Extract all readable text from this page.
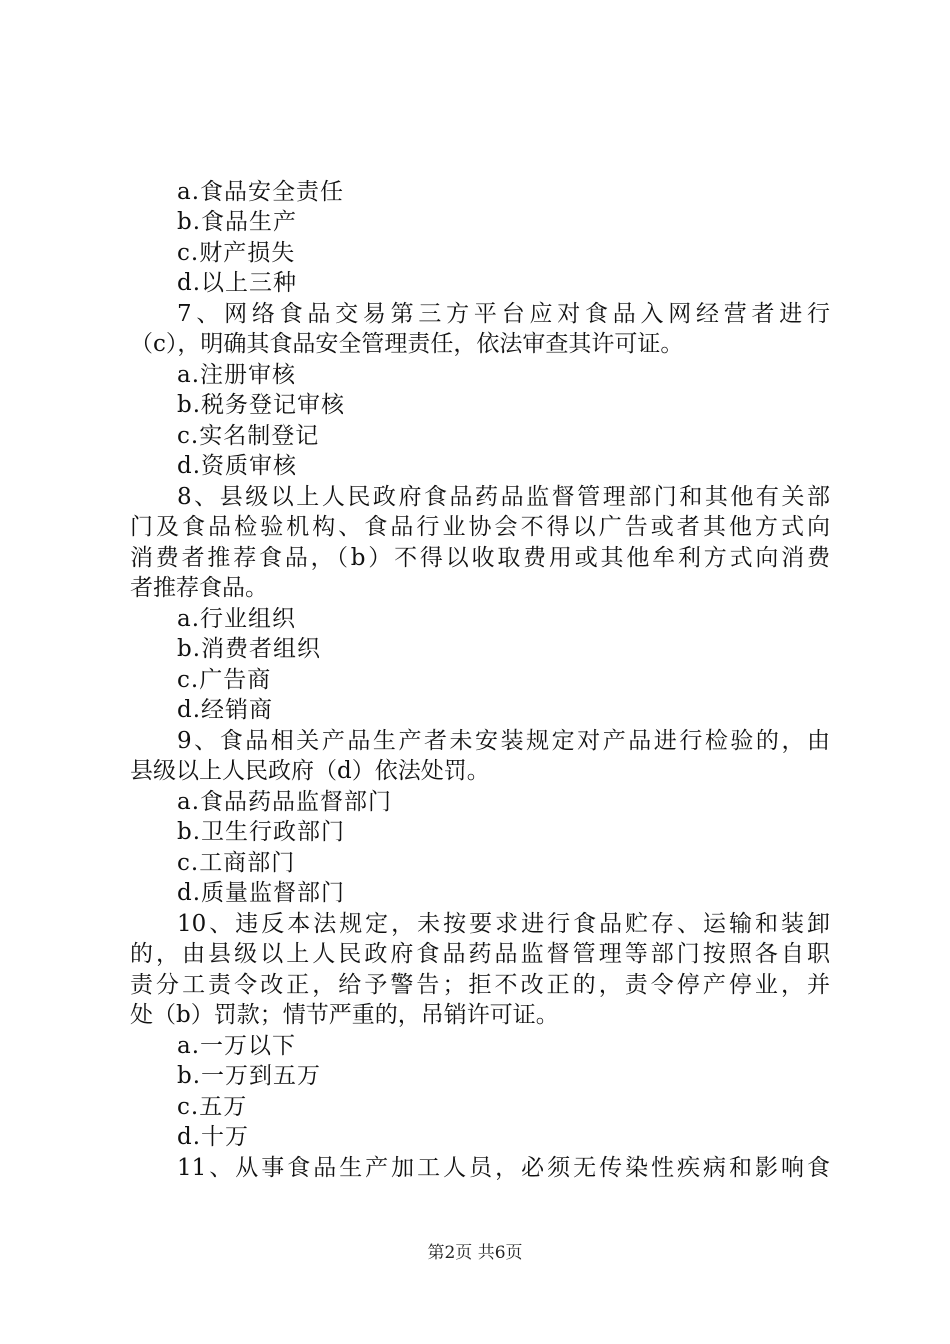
a.食品安全责任
b.食品生产
c.财产损失
d.以上三种
7、网络食品交易第三方平台应对食品入网经营者进行
（c），明确其食品安全管理责任，依法审查其许可证。
a.注册审核
b.税务登记审核
c.实名制登记
d.资质审核
8、县级以上人民政府食品药品监督管理部门和其他有关部
门及食品检验机构、食品行业协会不得以广告或者其他方式向
消费者推荐食品，（b）不得以收取费用或其他牟利方式向消费
者推荐食品。
a.行业组织
b.消费者组织
c.广告商
d.经销商
9、食品相关产品生产者未安装规定对产品进行检验的，由
县级以上人民政府（d）依法处罚。
a.食品药品监督部门
b.卫生行政部门
c.工商部门
d.质量监督部门
10、违反本法规定，未按要求进行食品贮存、运输和装卸
的，由县级以上人民政府食品药品监督管理等部门按照各自职
责分工责令改正，给予警告；拒不改正的，责令停产停业，并
处（b）罚款；情节严重的，吊销许可证。
a.一万以下
b.一万到五万
c.五万
d.十万
11、从事食品生产加工人员，必须无传染性疾病和影响食
第2页 共6页
